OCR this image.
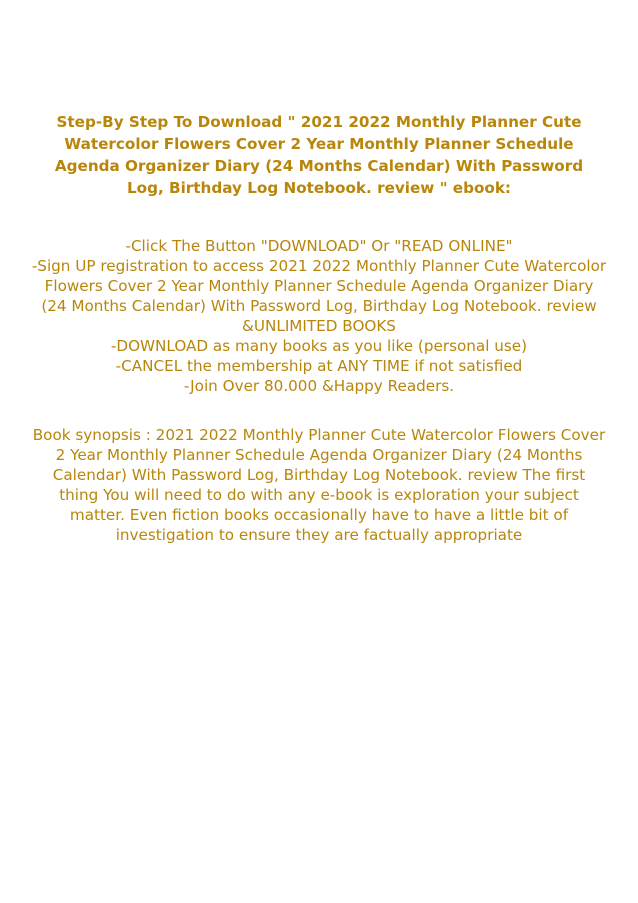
Step-By Step To Download " 2021 2022 Monthly Planner Cute Watercolor Flowers Cover 2 Year Monthly Planner Schedule Agenda Organizer Diary (24 Months Calendar) With Password Log, Birthday Log Notebook. review " ebook:
-Click The Button "DOWNLOAD" Or "READ ONLINE"
-Sign UP registration to access 2021 2022 Monthly Planner Cute Watercolor Flowers Cover 2 Year Monthly Planner Schedule Agenda Organizer Diary (24 Months Calendar) With Password Log, Birthday Log Notebook. review &UNLIMITED BOOKS
-DOWNLOAD as many books as you like (personal use)
-CANCEL the membership at ANY TIME if not satisfied
-Join Over 80.000 &Happy Readers.

Book synopsis : 2021 2022 Monthly Planner Cute Watercolor Flowers Cover 2 Year Monthly Planner Schedule Agenda Organizer Diary (24 Months Calendar) With Password Log, Birthday Log Notebook. review The first thing You will need to do with any e-book is exploration your subject matter. Even fiction books occasionally have to have a little bit of investigation to ensure they are factually appropriate
